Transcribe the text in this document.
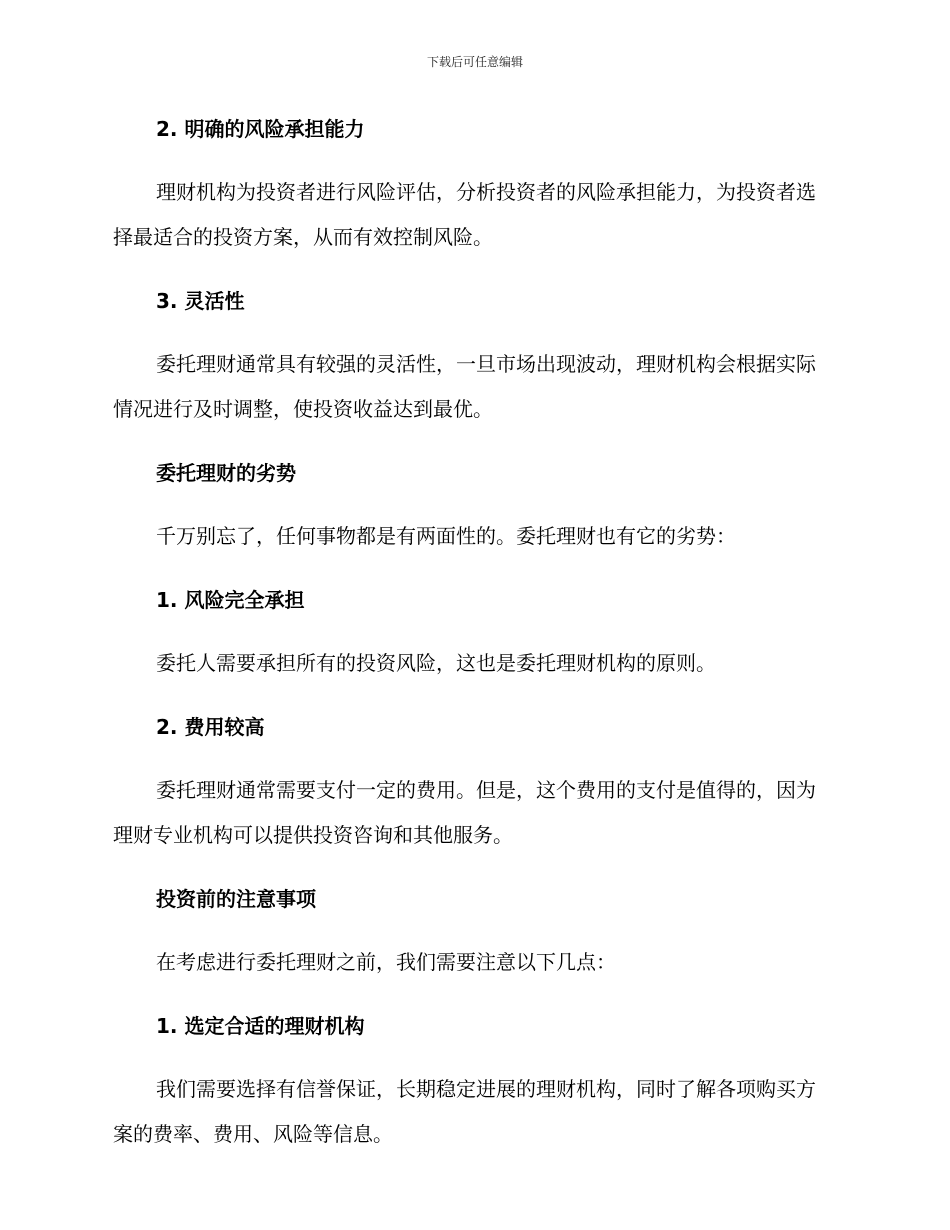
下载后可任意编辑
2. 明确的风险承担能力

理财机构为投资者进行风险评估，分析投资者的风险承担能力，为投资者选择最适合的投资方案，从而有效控制风险。

3. 灵活性

委托理财通常具有较强的灵活性，一旦市场出现波动，理财机构会根据实际情况进行及时调整，使投资收益达到最优。

委托理财的劣势

千万别忘了，任何事物都是有两面性的。委托理财也有它的劣势：

1. 风险完全承担

委托人需要承担所有的投资风险，这也是委托理财机构的原则。

2. 费用较高

委托理财通常需要支付一定的费用。但是，这个费用的支付是值得的，因为理财专业机构可以提供投资咨询和其他服务。

投资前的注意事项

在考虑进行委托理财之前，我们需要注意以下几点：

1. 选定合适的理财机构

我们需要选择有信誉保证，长期稳定进展的理财机构，同时了解各项购买方案的费率、费用、风险等信息。
